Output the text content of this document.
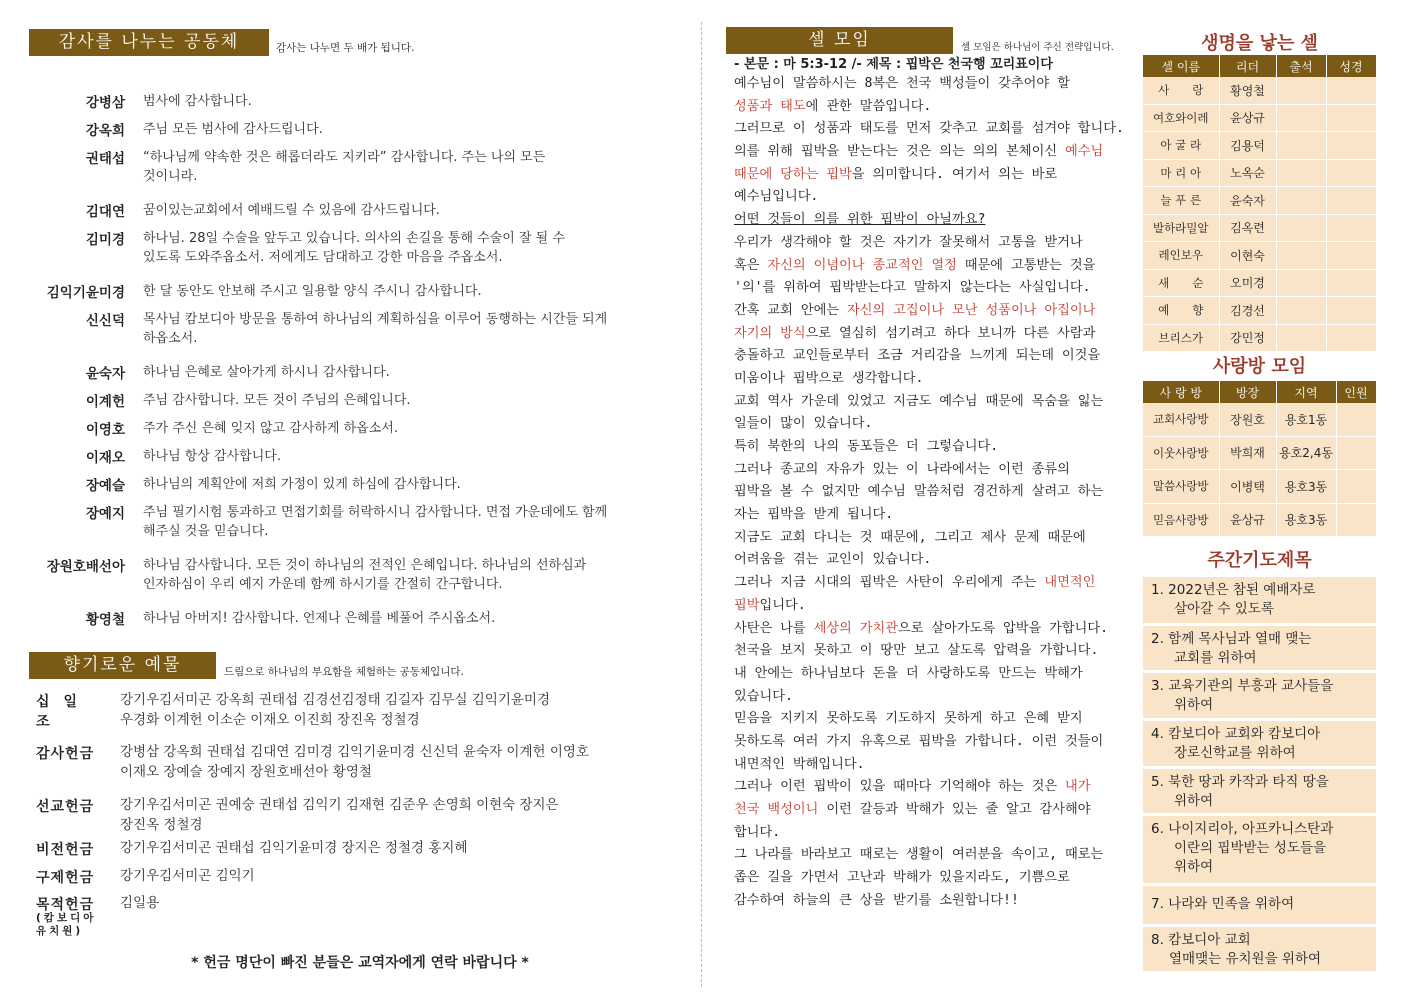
감사를 나누는 공동체	감사는 나누면 두 배가 됩니다.
강병삼 범사에 감사합니다.
강옥희 주님 모든 범사에 감사드립니다.
권태섭 “하나님께 약속한 것은 해롭더라도 지키라” 감사합니다. 주는 나의 모든
것이니라.
김대연 꿈이있는교회에서 예배드릴 수 있음에 감사드립니다.
김미경 하나님. 28일 수술을 앞두고 있습니다. 의사의 손길을 통해 수술이 잘 될 수
있도록 도와주옵소서. 저에게도 담대하고 강한 마음을 주옵소서.
김익기윤미경 한 달 동안도 안보해 주시고 일용할 양식 주시니 감사합니다.
신신덕 목사님 캄보디아 방문을 통하여 하나님의 계획하심을 이루어 동행하는 시간들 되게
하옵소서.
윤숙자 하나님 은혜로 살아가게 하시니 감사합니다.
이계헌 주님 감사합니다. 모든 것이 주님의 은혜입니다.
이영호 주가 주신 은혜 잊지 않고 감사하게 하옵소서.
이재오 하나님 항상 감사합니다.
장예슬 하나님의 계획안에 저희 가정이 있게 하심에 감사합니다.
장예지 주님 필기시험 통과하고 면접기회를 허락하시니 감사합니다. 면접 가운데에도 함께
해주실 것을 믿습니다.
장원호배선아 하나님 감사합니다. 모든 것이 하나님의 전적인 은혜입니다. 하나님의 선하심과
인자하심이 우리 예지 가운데 함께 하시기를 간절히 간구합니다.
황영철 하나님 아버지! 감사합니다. 언제나 은혜를 베풀어 주시옵소서.
향기로운 예물	드림으로 하나님의 부요함을 체험하는 공동체입니다.
십일조
강기우김서미곤 강옥희 권태섭 김경선김정태 김길자 김무실 김익기윤미경
우경화 이계헌 이소순 이재오 이진희 장진옥 정철경
감사헌금	강병삼 강옥희 권태섭 김대연 김미경 김익기윤미경 신신덕 윤숙자 이계헌 이영호
이재오 장예슬 장예지 장원호배선아 황영철
선교헌금	강기우김서미곤 권예숭 권태섭 김익기 김재현 김준우 손영희 이현숙 장지은
장진옥 정철경
비전헌금	강기우김서미곤 권태섭 김익기윤미경 장지은 정철경 홍지혜
구제헌금	강기우김서미곤 김익기
목적헌금
(캄보디아
유치원)
김일용
* 헌금 명단이 빠진 분들은 교역자에게 연락 바랍니다 *
셀 모임	셀 모임은 하나님이 주신 전략입니다.
- 본문 : 마 5:3-12 /- 제목 : 핍박은 천국행 꼬리표이다
예수님이 말씀하시는 8복은 천국 백성들이 갖추어야 할
성품과 태도에 관한 말씀입니다.
그러므로 이 성품과 태도를 먼저 갖추고 교회를 섬겨야 합니다.
의를 위해 핍박을 받는다는 것은 의는 의의 본체이신 예수님
때문에 당하는 핍박을 의미합니다. 여기서 의는 바로
예수님입니다.
어떤 것들이 의를 위한 핍박이 아닐까요?
우리가 생각해야 할 것은 자기가 잘못해서 고통을 받거나
혹은 자신의 이념이나 종교적인 열정 때문에 고통받는 것을
'의'를 위하여 핍박받는다고 말하지 않는다는 사실입니다.
간혹 교회 안에는 자신의 고집이나 모난 성품이나 아집이나
자기의 방식으로 열심히 섬기려고 하다 보니까 다른 사람과
충돌하고 교인들로부터 조금 거리감을 느끼게 되는데 이것을
미움이나 핍박으로 생각합니다.
교회 역사 가운데 있었고 지금도 예수님 때문에 목숨을 잃는
일들이 많이 있습니다.
특히 북한의 나의 동포들은 더 그렇습니다.
그러나 종교의 자유가 있는 이 나라에서는 이런 종류의
핍박을 볼 수 없지만 예수님 말씀처럼 경건하게 살려고 하는
자는 핍박을 받게 됩니다.
지금도 교회 다니는 것 때문에, 그리고 제사 문제 때문에
어려움을 겪는 교인이 있습니다.
그러나 지금 시대의 핍박은 사탄이 우리에게 주는 내면적인
핍박입니다.
사탄은 나를 세상의 가치관으로 살아가도록 압박을 가합니다.
천국을 보지 못하고 이 땅만 보고 살도록 압력을 가합니다.
내 안에는 하나님보다 돈을 더 사랑하도록 만드는 박해가
있습니다.
믿음을 지키지 못하도록 기도하지 못하게 하고 은혜 받지
못하도록 여러 가지 유혹으로 핍박을 가합니다. 이런 것들이
내면적인 박해입니다.
그러나 이런 핍박이 있을 때마다 기억해야 하는 것은 내가
천국 백성이니 이런 갈등과 박해가 있는 줄 알고 감사해야
합니다.
그 나라를 바라보고 때로는 생활이 여러분을 속이고, 때로는
좁은 길을 가면서 고난과 박해가 있을지라도, 기쁨으로
감수하여 하늘의 큰 상을 받기를 소원합니다!!
생명을 낳는 셀
셀 이름	리더	출석	성경
사　　랑	황영철		
여호와이레	윤상규		
아 굴 라	김용덕		
마 리 아	노옥순		
늘 푸 른	윤숙자		
발하라밀알	김옥련		
레인보우	이현숙		
새　　순	오미경		
예　　향	김경선		
브리스가	강민정		
사랑방 모임
사 랑 방	방장	지역	인원
교회사랑방	장원호	용호1동	
이웃사랑방	박희재	용호2,4동	
말씀사랑방	이병택	용호3동	
믿음사랑방	윤상규	용호3동	
주간기도제목
1. 2022년은 참된 예배자로
살아갈 수 있도록
2. 함께 목사님과 열매 맺는
교회를 위하여
3. 교육기관의 부흥과 교사들을
위하여
4. 캄보디아 교회와 캄보디아
장로신학교를 위하여
5. 북한 땅과 카작과 타직 땅을
위하여
6. 나이지리아, 아프카니스탄과
이란의 핍박받는 성도들을
위하여
7. 나라와 민족을 위하여
8. 캄보디아 교회
열매맺는 유치원을 위하여
